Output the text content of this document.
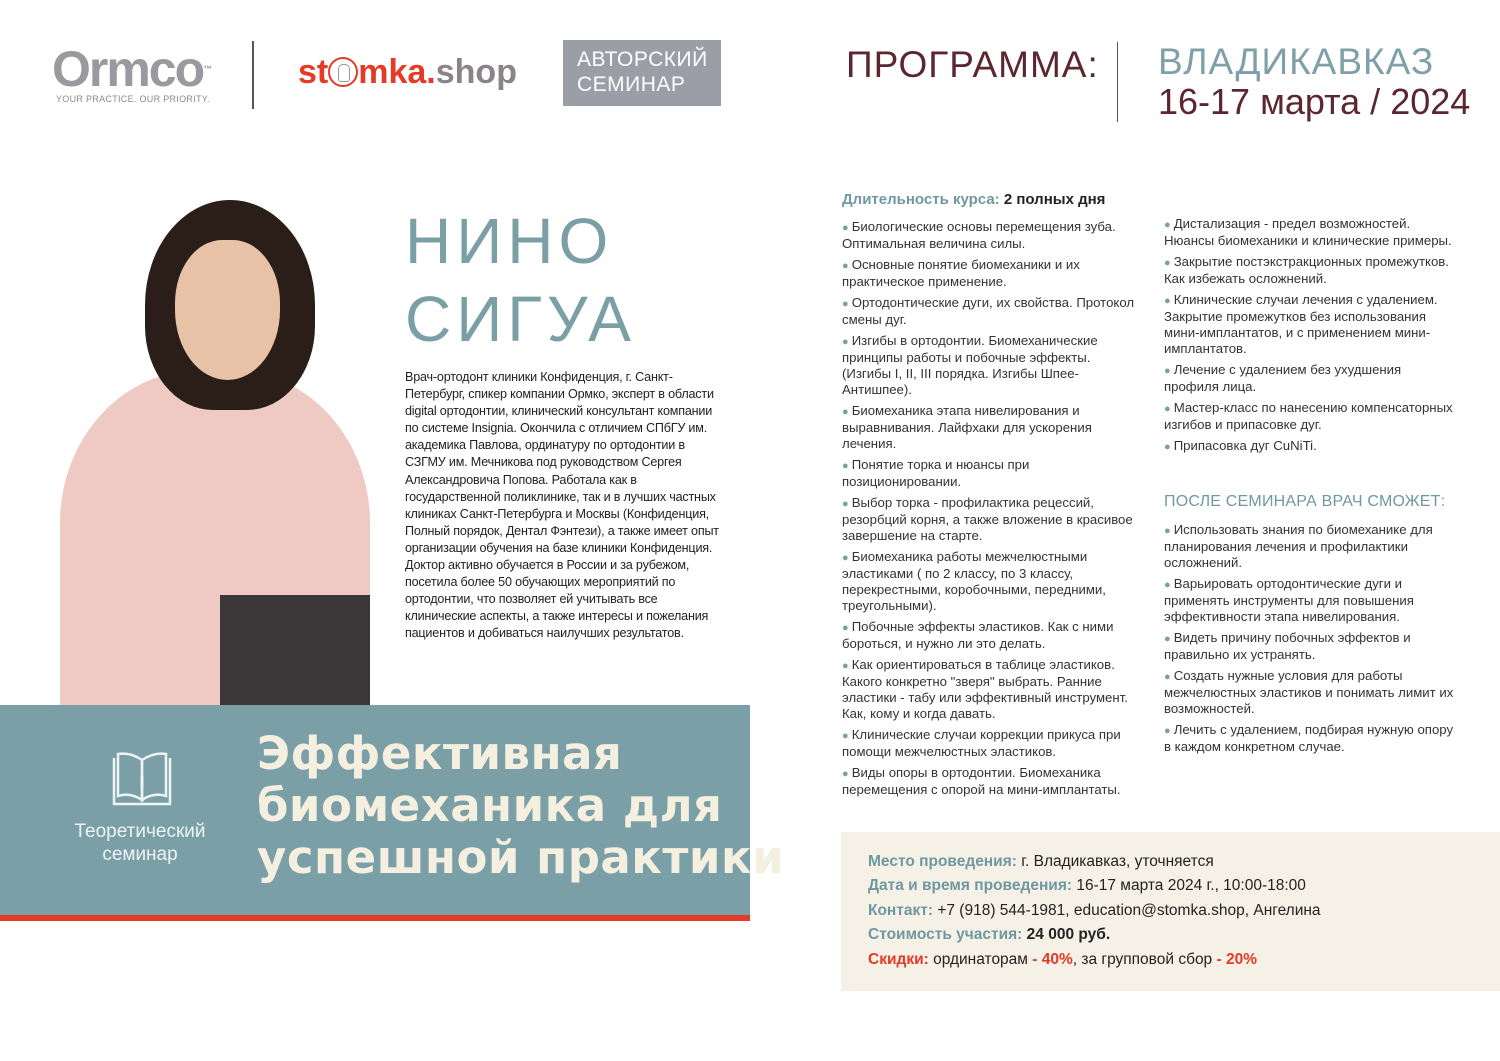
Ormco™
YOUR PRACTICE. OUR PRIORITY.
st mka.shop	АВТОРСКИЙ
СЕМИНАР	ПРОГРАММА: ВЛАДИКАВКАЗ
16-17 марта / 2024
НИНО
СИГУА
Врач-ортодонт клиники Конфиденция, г. Санкт-Петербург, спикер компании Ормко, эксперт в области digital ортодонтии, клинический консультант компании по системе Insignia. Окончила с отличием СПбГУ им. академика Павлова, ординатуру по ортодонтии в СЗГМУ им. Мечникова под руководством Сергея Александровича Попова. Работала как в государственной поликлинике, так и в лучших частных клиниках Санкт-Петербурга и Москвы (Конфиденция, Полный порядок, Дентал Фэнтези), а также имеет опыт организации обучения на базе клиники Конфиденция. Доктор активно обучается в России и за рубежом, посетила более 50 обучающих мероприятий по ортодонтии, что позволяет ей учитывать все клинические аспекты, а также интересы и пожелания пациентов и добиваться наилучших результатов.
Теоретический
семинар
Эффективная
биомеханика для
успешной практики
Длительность курса: 2 полных дня
● Биологические основы перемещения зуба. Оптимальная величина силы.
● Основные понятие биомеханики и их практическое применение.
● Ортодонтические дуги, их свойства. Протокол смены дуг.
● Изгибы в ортодонтии. Биомеханические принципы работы и побочные эффекты. (Изгибы I, II, III порядка. Изгибы Шпее-Антишпее).
● Биомеханика этапа нивелирования и выравнивания. Лайфхаки для ускорения лечения.
● Понятие торка и нюансы при позиционировании.
● Выбор торка - профилактика рецессий, резорбций корня, а также вложение в красивое завершение на старте.
● Биомеханика работы межчелюстными эластиками ( по 2 классу, по 3 классу, перекрестными, коробочными, передними, треугольными).
● Побочные эффекты эластиков. Как с ними бороться, и нужно ли это делать.
● Как ориентироваться в таблице эластиков. Какого конкретно "зверя" выбрать. Ранние эластики - табу или эффективный инструмент. Как, кому и когда давать.
● Клинические случаи коррекции прикуса при помощи межчелюстных эластиков.
● Виды опоры в ортодонтии. Биомеханика перемещения с опорой на мини-имплантаты.
● Дистализация - предел возможностей. Нюансы биомеханики и клинические примеры.
● Закрытие постэкстракционных промежутков. Как избежать осложнений.
● Клинические случаи лечения с удалением. Закрытие промежутков без использования мини-имплантатов, и с применением мини-имплантатов.
● Лечение с удалением без ухудшения профиля лица.
● Мастер-класс по нанесению компенсаторных изгибов и припасовке дуг.
● Припасовка дуг CuNiTi.
ПОСЛЕ СЕМИНАРА ВРАЧ СМОЖЕТ:
● Использовать знания по биомеханике для планирования лечения и профилактики осложнений.
● Варьировать ортодонтические дуги и применять инструменты для повышения эффективности этапа нивелирования.
● Видеть причину побочных эффектов и правильно их устранять.
● Создать нужные условия для работы межчелюстных эластиков и понимать лимит их возможностей.
● Лечить с удалением, подбирая нужную опору в каждом конкретном случае.
Место проведения: г. Владикавказ, уточняется
Дата и время проведения: 16-17 марта 2024 г., 10:00-18:00
Контакт: +7 (918) 544-1981, education@stomka.shop, Ангелина
Стоимость участия: 24 000 руб.
Скидки: ординаторам - 40%, за групповой сбор - 20%
